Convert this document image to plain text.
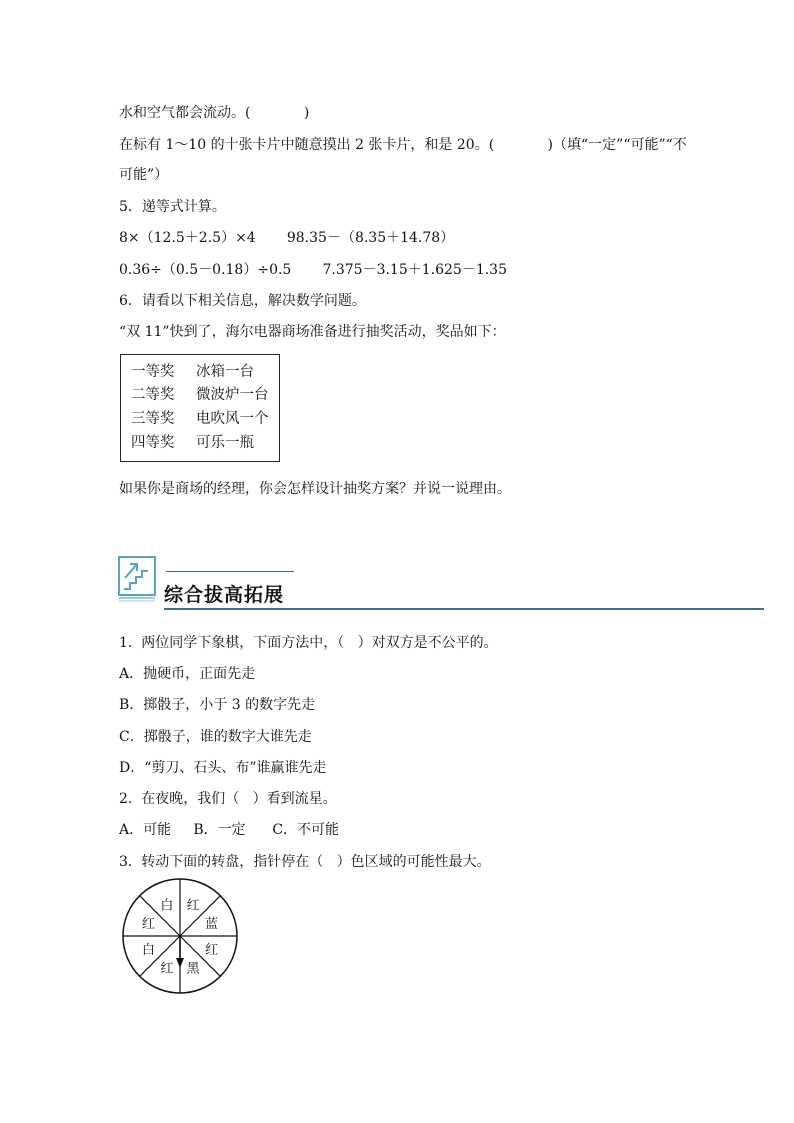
水和空气都会流动。(            )
在标有 1～10 的十张卡片中随意摸出 2 张卡片，和是 20。(            )（填“一定”“可能”“不
可能”）
5．递等式计算。
8×（12.5＋2.5）×4       98.35－（8.35＋14.78）
0.36÷（0.5－0.18）÷0.5       7.375－3.15＋1.625－1.35
6．请看以下相关信息，解决数学问题。
“双 11”快到了，海尔电器商场准备进行抽奖活动，奖品如下：
一等奖 冰箱一台
二等奖 微波炉一台
三等奖 电吹风一个
四等奖 可乐一瓶
如果你是商场的经理，你会怎样设计抽奖方案？并说一说理由。
综合拔高拓展
1.  两位同学下象棋，下面方法中，（   ）对双方是不公平的。
A．抛硬币，正面先走
B．掷骰子，小于 3 的数字先走
C．掷骰子，谁的数字大谁先走
D．“剪刀、石头、布”谁赢谁先走
2.  在夜晚，我们（   ）看到流星。
A．可能     B．一定      C．不可能
3.  转动下面的转盘，指针停在（   ）色区域的可能性最大。
红
蓝
红
黑
红
白
红
白
